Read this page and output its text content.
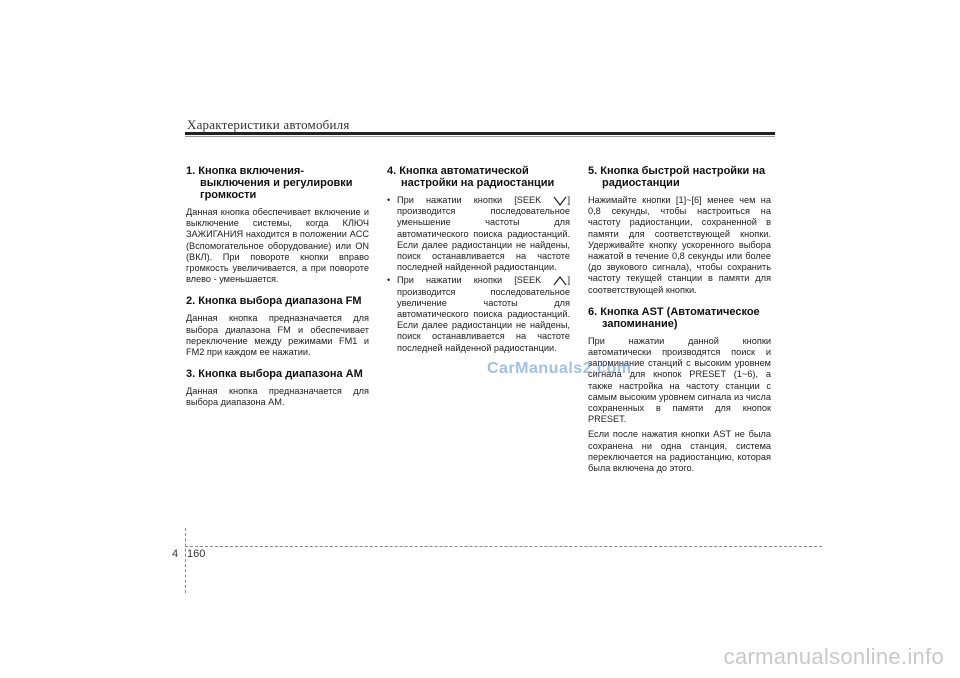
Характеристики автомобиля
1. Кнопка включения- выключения и регулировки громкости

Данная кнопка обеспечивает включение и выключение системы, когда КЛЮЧ ЗАЖИГАНИЯ находится в положении ACC (Вспомогательное оборудование) или ON (ВКЛ). При повороте кнопки вправо громкость увеличивается, а при повороте влево - уменьшается.

2. Кнопка выбора диапазона FM

Данная кнопка предназначается для выбора диапазона FM и обеспечивает переключение между режимами FM1 и FM2 при каждом ее нажатии.

3. Кнопка выбора диапазона AM

Данная кнопка предназначается для выбора диапазона AM.

4. Кнопка автоматической настройки на радиостанции
• При нажатии кнопки [SEEK	] производится последовательное уменьшение частоты для автоматического поиска радиостанций. Если далее радиостанции не найдены, поиск останавливается на частоте последней найденной радиостанции.
• При нажатии кнопки [SEEK	] производится последовательное увеличение частоты для автоматического поиска радиостанций. Если далее радиостанции не найдены, поиск останавливается на частоте последней найденной радиостанции.
5. Кнопка быстрой настройки на радиостанции

Нажимайте кнопки [1]~[6] менее чем на 0,8 секунды, чтобы настроиться на частоту радиостанции, сохраненной в памяти для соответствующей кнопки. Удерживайте кнопку ускоренного выбора нажатой в течение 0,8 секунды или более (до звукового сигнала), чтобы сохранить частоту текущей станции в памяти для соответствующей кнопки.

6. Кнопка AST (Автоматическое запоминание)

При нажатии данной кнопки автоматически производятся поиск и запоминание станций с высоким уровнем сигнала для кнопок PRESET (1~6), а также настройка на частоту станции с самым высоким уровнем сигнала из числа сохраненных в памяти для кнопок PRESET.

Если после нажатия кнопки AST не была сохранена ни одна станция, система переключается на радиостанцию, которая была включена до этого.

CarManuals2.com
4 160
carmanualsonline.info
